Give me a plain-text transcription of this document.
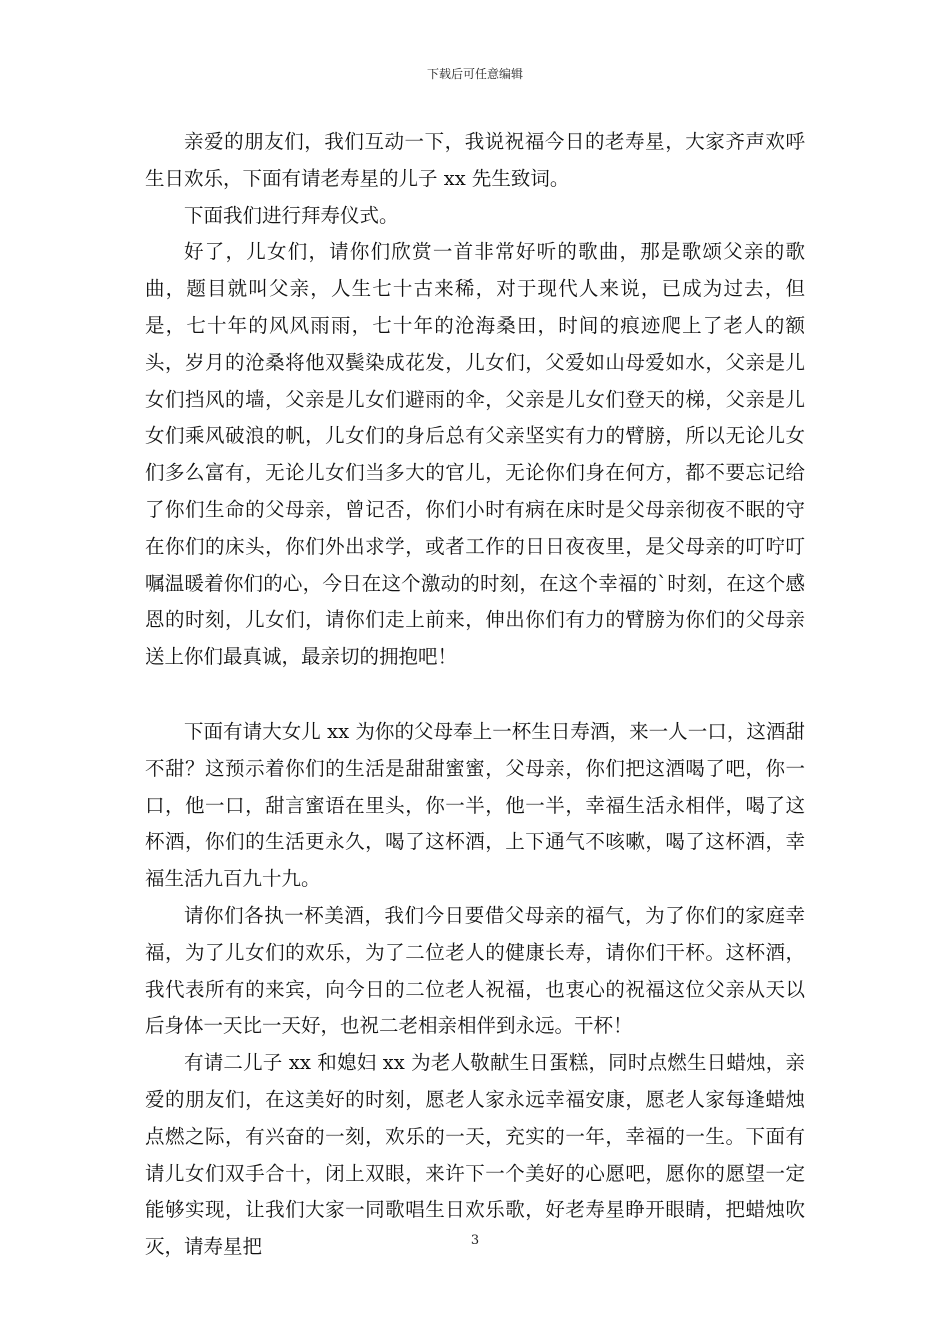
下载后可任意编辑

亲爱的朋友们，我们互动一下，我说祝福今日的老寿星，大家齐声欢呼生日欢乐，下面有请老寿星的儿子 xx 先生致词。

下面我们进行拜寿仪式。

好了，儿女们，请你们欣赏一首非常好听的歌曲，那是歌颂父亲的歌曲，题目就叫父亲，人生七十古来稀，对于现代人来说，已成为过去，但是，七十年的风风雨雨，七十年的沧海桑田，时间的痕迹爬上了老人的额头，岁月的沧桑将他双鬓染成花发，儿女们，父爱如山母爱如水，父亲是儿女们挡风的墙，父亲是儿女们避雨的伞，父亲是儿女们登天的梯，父亲是儿女们乘风破浪的帆，儿女们的身后总有父亲坚实有力的臂膀，所以无论儿女们多么富有，无论儿女们当多大的官儿，无论你们身在何方，都不要忘记给了你们生命的父母亲，曾记否，你们小时有病在床时是父母亲彻夜不眠的守在你们的床头，你们外出求学，或者工作的日日夜夜里，是父母亲的叮咛叮嘱温暖着你们的心，今日在这个激动的时刻，在这个幸福的`时刻，在这个感恩的时刻，儿女们，请你们走上前来，伸出你们有力的臂膀为你们的父母亲送上你们最真诚，最亲切的拥抱吧！

下面有请大女儿 xx 为你的父母奉上一杯生日寿酒，来一人一口，这酒甜不甜？这预示着你们的生活是甜甜蜜蜜，父母亲，你们把这酒喝了吧，你一口，他一口，甜言蜜语在里头，你一半，他一半，幸福生活永相伴，喝了这杯酒，你们的生活更永久，喝了这杯酒，上下通气不咳嗽，喝了这杯酒，幸福生活九百九十九。

请你们各执一杯美酒，我们今日要借父母亲的福气，为了你们的家庭幸福，为了儿女们的欢乐，为了二位老人的健康长寿，请你们干杯。这杯酒，我代表所有的来宾，向今日的二位老人祝福，也衷心的祝福这位父亲从天以后身体一天比一天好，也祝二老相亲相伴到永远。干杯！

有请二儿子 xx 和媳妇 xx 为老人敬献生日蛋糕，同时点燃生日蜡烛，亲爱的朋友们，在这美好的时刻，愿老人家永远幸福安康，愿老人家每逢蜡烛点燃之际，有兴奋的一刻，欢乐的一天，充实的一年，幸福的一生。下面有请儿女们双手合十，闭上双眼，来许下一个美好的心愿吧，愿你的愿望一定能够实现，让我们大家一同歌唱生日欢乐歌，好老寿星睁开眼睛，把蜡烛吹灭，请寿星把	3
